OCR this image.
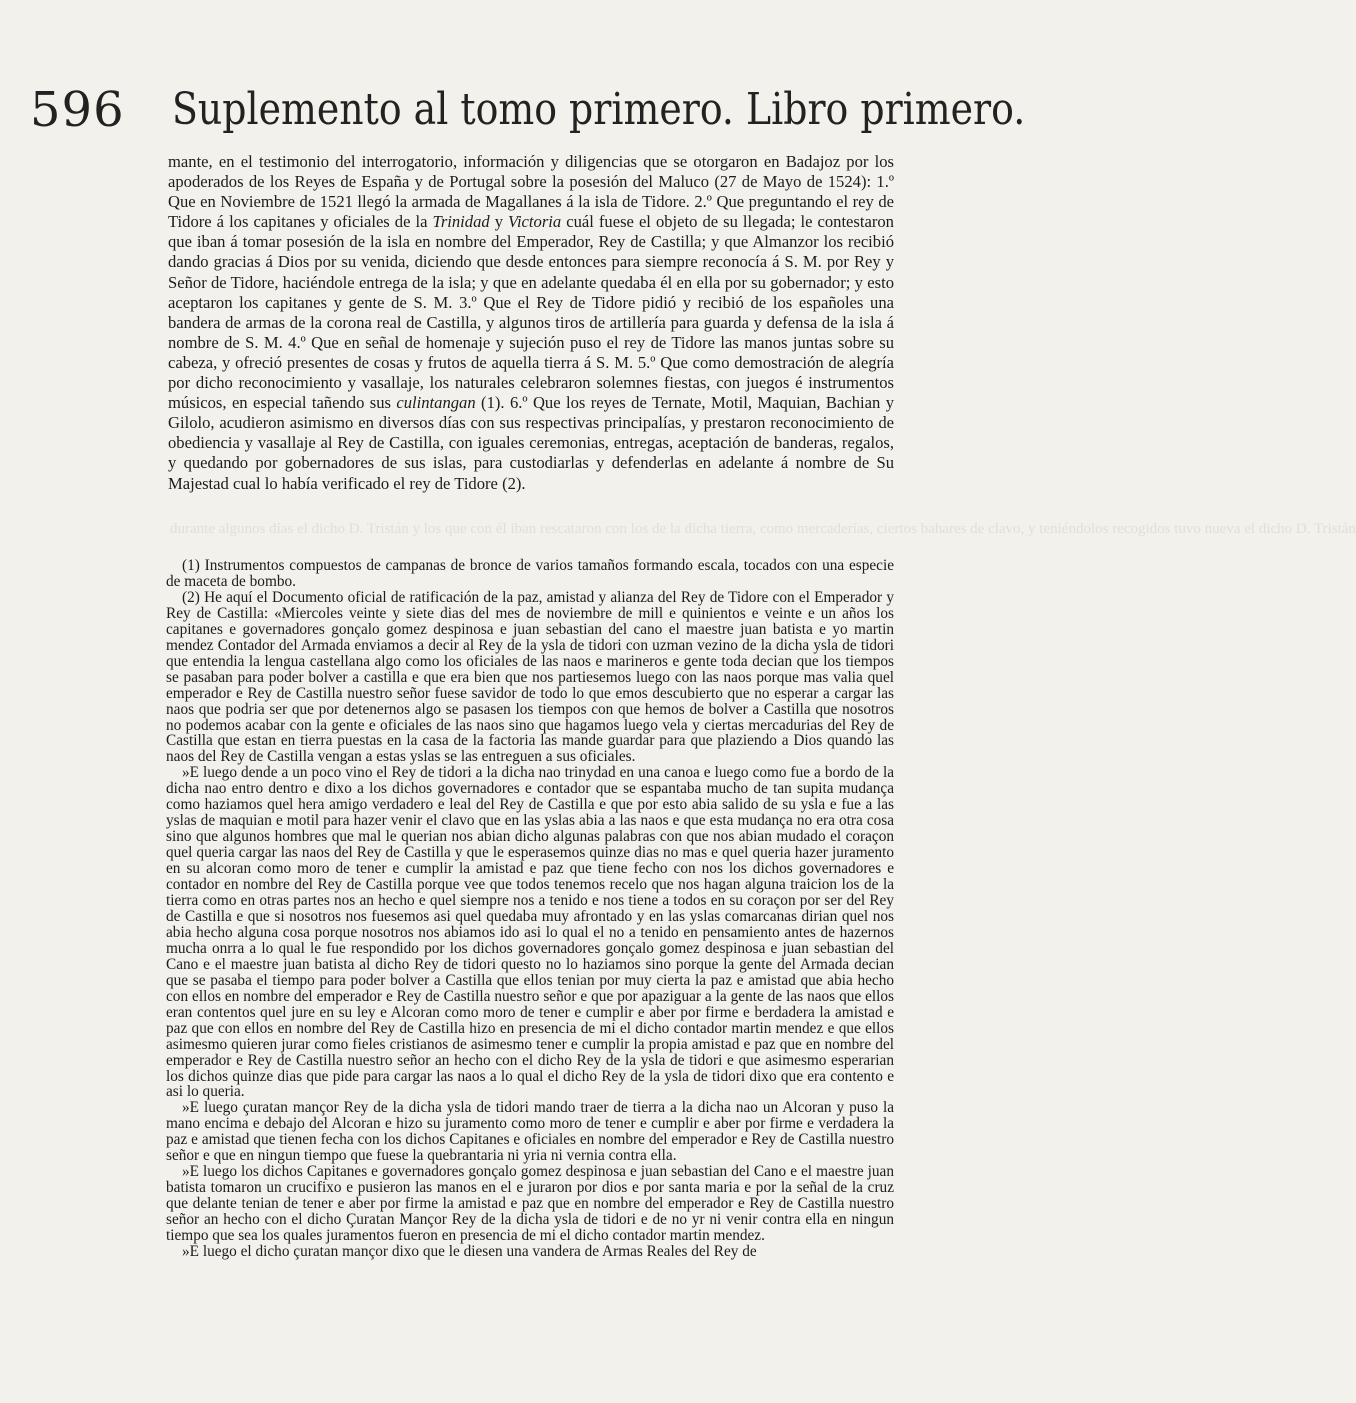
596 Suplemento al tomo primero. Libro primero.

mante, en el testimonio del interrogatorio, información y diligencias que se otorgaron en Badajoz por los apoderados de los Reyes de España y de Portugal sobre la posesión del Maluco (27 de Mayo de 1524): 1.º Que en Noviembre de 1521 llegó la armada de Magallanes á la isla de Tidore. 2.º Que preguntando el rey de Tidore á los capitanes y oficiales de la Trinidad y Victoria cuál fuese el objeto de su llegada; le contestaron que iban á tomar posesión de la isla en nombre del Emperador, Rey de Castilla; y que Almanzor los recibió dando gracias á Dios por su venida, diciendo que desde entonces para siempre reconocía á S. M. por Rey y Señor de Tidore, haciéndole entrega de la isla; y que en adelante quedaba él en ella por su gobernador; y esto aceptaron los capitanes y gente de S. M. 3.º Que el Rey de Tidore pidió y recibió de los españoles una bandera de armas de la corona real de Castilla, y algunos tiros de artillería para guarda y defensa de la isla á nombre de S. M. 4.º Que en señal de homenaje y sujeción puso el rey de Tidore las manos juntas sobre su cabeza, y ofreció presentes de cosas y frutos de aquella tierra á S. M. 5.º Que como demostración de alegría por dicho reconocimiento y vasallaje, los naturales celebraron solemnes fiestas, con juegos é instrumentos músicos, en especial tañendo sus culintangan (1). 6.º Que los reyes de Ternate, Motil, Maquian, Bachian y Gilolo, acudieron asimismo en diversos días con sus respectivas principalías, y prestaron reconocimiento de obediencia y vasallaje al Rey de Castilla, con iguales ceremonias, entregas, aceptación de banderas, regalos, y quedando por gobernadores de sus islas, para custodiarlas y defenderlas en adelante á nombre de Su Majestad cual lo había verificado el rey de Tidore (2).

durante algunos días el dicho D. Tristán y los que con él iban rescataron con los de la dicha tierra, como mercaderías, ciertos bahares de clavo, y teniéndolos recogidos tuvo nueva el dicho D. Tristán

(1) Instrumentos compuestos de campanas de bronce de varios tamaños formando escala, tocados con una especie de maceta de bombo.

(2) He aquí el Documento oficial de ratificación de la paz, amistad y alianza del Rey de Tidore con el Emperador y Rey de Castilla: «Miercoles veinte y siete dias del mes de noviembre de mill e quinientos e veinte e un años los capitanes e governadores gonçalo gomez despinosa e juan sebastian del cano el maestre juan batista e yo martin mendez Contador del Armada enviamos a decir al Rey de la ysla de tidori con uzman vezino de la dicha ysla de tidori que entendia la lengua castellana algo como los oficiales de las naos e marineros e gente toda decian que los tiempos se pasaban para poder bolver a castilla e que era bien que nos partiesemos luego con las naos porque mas valia quel emperador e Rey de Castilla nuestro señor fuese savidor de todo lo que emos descubierto que no esperar a cargar las naos que podria ser que por detenernos algo se pasasen los tiempos con que hemos de bolver a Castilla que nosotros no podemos acabar con la gente e oficiales de las naos sino que hagamos luego vela y ciertas mercadurias del Rey de Castilla que estan en tierra puestas en la casa de la factoria las mande guardar para que plaziendo a Dios quando las naos del Rey de Castilla vengan a estas yslas se las entreguen a sus oficiales.

»E luego dende a un poco vino el Rey de tidori a la dicha nao trinydad en una canoa e luego como fue a bordo de la dicha nao entro dentro e dixo a los dichos governadores e contador que se espantaba mucho de tan supita mudança como haziamos quel hera amigo verdadero e leal del Rey de Castilla e que por esto abia salido de su ysla e fue a las yslas de maquian e motil para hazer venir el clavo que en las yslas abia a las naos e que esta mudança no era otra cosa sino que algunos hombres que mal le querian nos abian dicho algunas palabras con que nos abian mudado el coraçon quel queria cargar las naos del Rey de Castilla y que le esperasemos quinze dias no mas e quel queria hazer juramento en su alcoran como moro de tener e cumplir la amistad e paz que tiene fecho con nos los dichos governadores e contador en nombre del Rey de Castilla porque vee que todos tenemos recelo que nos hagan alguna traicion los de la tierra como en otras partes nos an hecho e quel siempre nos a tenido e nos tiene a todos en su coraçon por ser del Rey de Castilla e que si nosotros nos fuesemos asi quel quedaba muy afrontado y en las yslas comarcanas dirian quel nos abia hecho alguna cosa porque nosotros nos abiamos ido asi lo qual el no a tenido en pensamiento antes de hazernos mucha onrra a lo qual le fue respondido por los dichos governadores gonçalo gomez despinosa e juan sebastian del Cano e el maestre juan batista al dicho Rey de tidori questo no lo haziamos sino porque la gente del Armada decian que se pasaba el tiempo para poder bolver a Castilla que ellos tenian por muy cierta la paz e amistad que abia hecho con ellos en nombre del emperador e Rey de Castilla nuestro señor e que por apaziguar a la gente de las naos que ellos eran contentos quel jure en su ley e Alcoran como moro de tener e cumplir e aber por firme e berdadera la amistad e paz que con ellos en nombre del Rey de Castilla hizo en presencia de mi el dicho contador martin mendez e que ellos asimesmo quieren jurar como fieles cristianos de asimesmo tener e cumplir la propia amistad e paz que en nombre del emperador e Rey de Castilla nuestro señor an hecho con el dicho Rey de la ysla de tidori e que asimesmo esperarian los dichos quinze dias que pide para cargar las naos a lo qual el dicho Rey de la ysla de tidori dixo que era contento e asi lo queria.

»E luego çuratan mançor Rey de la dicha ysla de tidori mando traer de tierra a la dicha nao un Alcoran y puso la mano encima e debajo del Alcoran e hizo su juramento como moro de tener e cumplir e aber por firme e verdadera la paz e amistad que tienen fecha con los dichos Capitanes e oficiales en nombre del emperador e Rey de Castilla nuestro señor e que en ningun tiempo que fuese la quebrantaria ni yria ni vernia contra ella.

»E luego los dichos Capitanes e governadores gonçalo gomez despinosa e juan sebastian del Cano e el maestre juan batista tomaron un crucifixo e pusieron las manos en el e juraron por dios e por santa maria e por la señal de la cruz que delante tenian de tener e aber por firme la amistad e paz que en nombre del emperador e Rey de Castilla nuestro señor an hecho con el dicho Çuratan Mançor Rey de la dicha ysla de tidori e de no yr ni venir contra ella en ningun tiempo que sea los quales juramentos fueron en presencia de mi el dicho contador martin mendez.

»E luego el dicho çuratan mançor dixo que le diesen una vandera de Armas Reales del Rey de
